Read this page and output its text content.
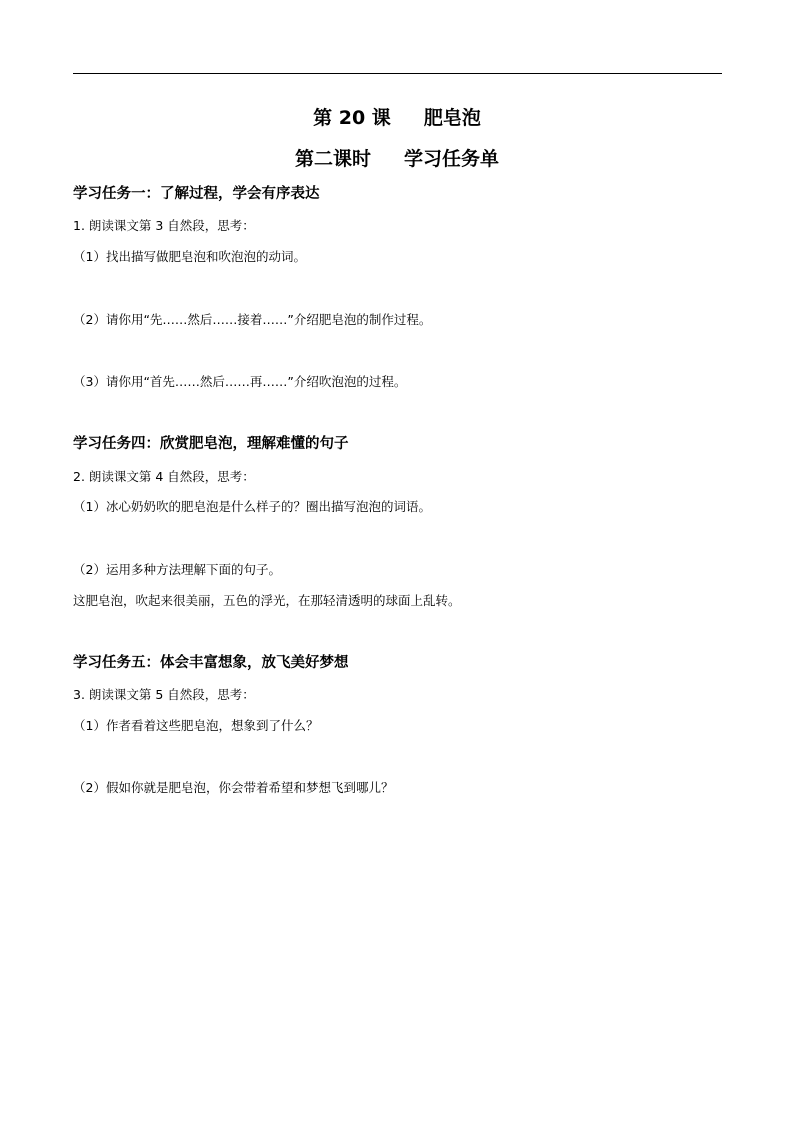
第 20 课     肥皂泡
第二课时     学习任务单
学习任务一：了解过程，学会有序表达
1. 朗读课文第 3 自然段，思考：
（1）找出描写做肥皂泡和吹泡泡的动词。
（2）请你用“先……然后……接着……”介绍肥皂泡的制作过程。
（3）请你用“首先……然后……再……”介绍吹泡泡的过程。
学习任务四：欣赏肥皂泡，理解难懂的句子
2. 朗读课文第 4 自然段，思考：
（1）冰心奶奶吹的肥皂泡是什么样子的？圈出描写泡泡的词语。
（2）运用多种方法理解下面的句子。
这肥皂泡，吹起来很美丽，五色的浮光，在那轻清透明的球面上乱转。
学习任务五：体会丰富想象，放飞美好梦想
3. 朗读课文第 5 自然段，思考：
（1）作者看着这些肥皂泡，想象到了什么？
（2）假如你就是肥皂泡，你会带着希望和梦想飞到哪儿？
